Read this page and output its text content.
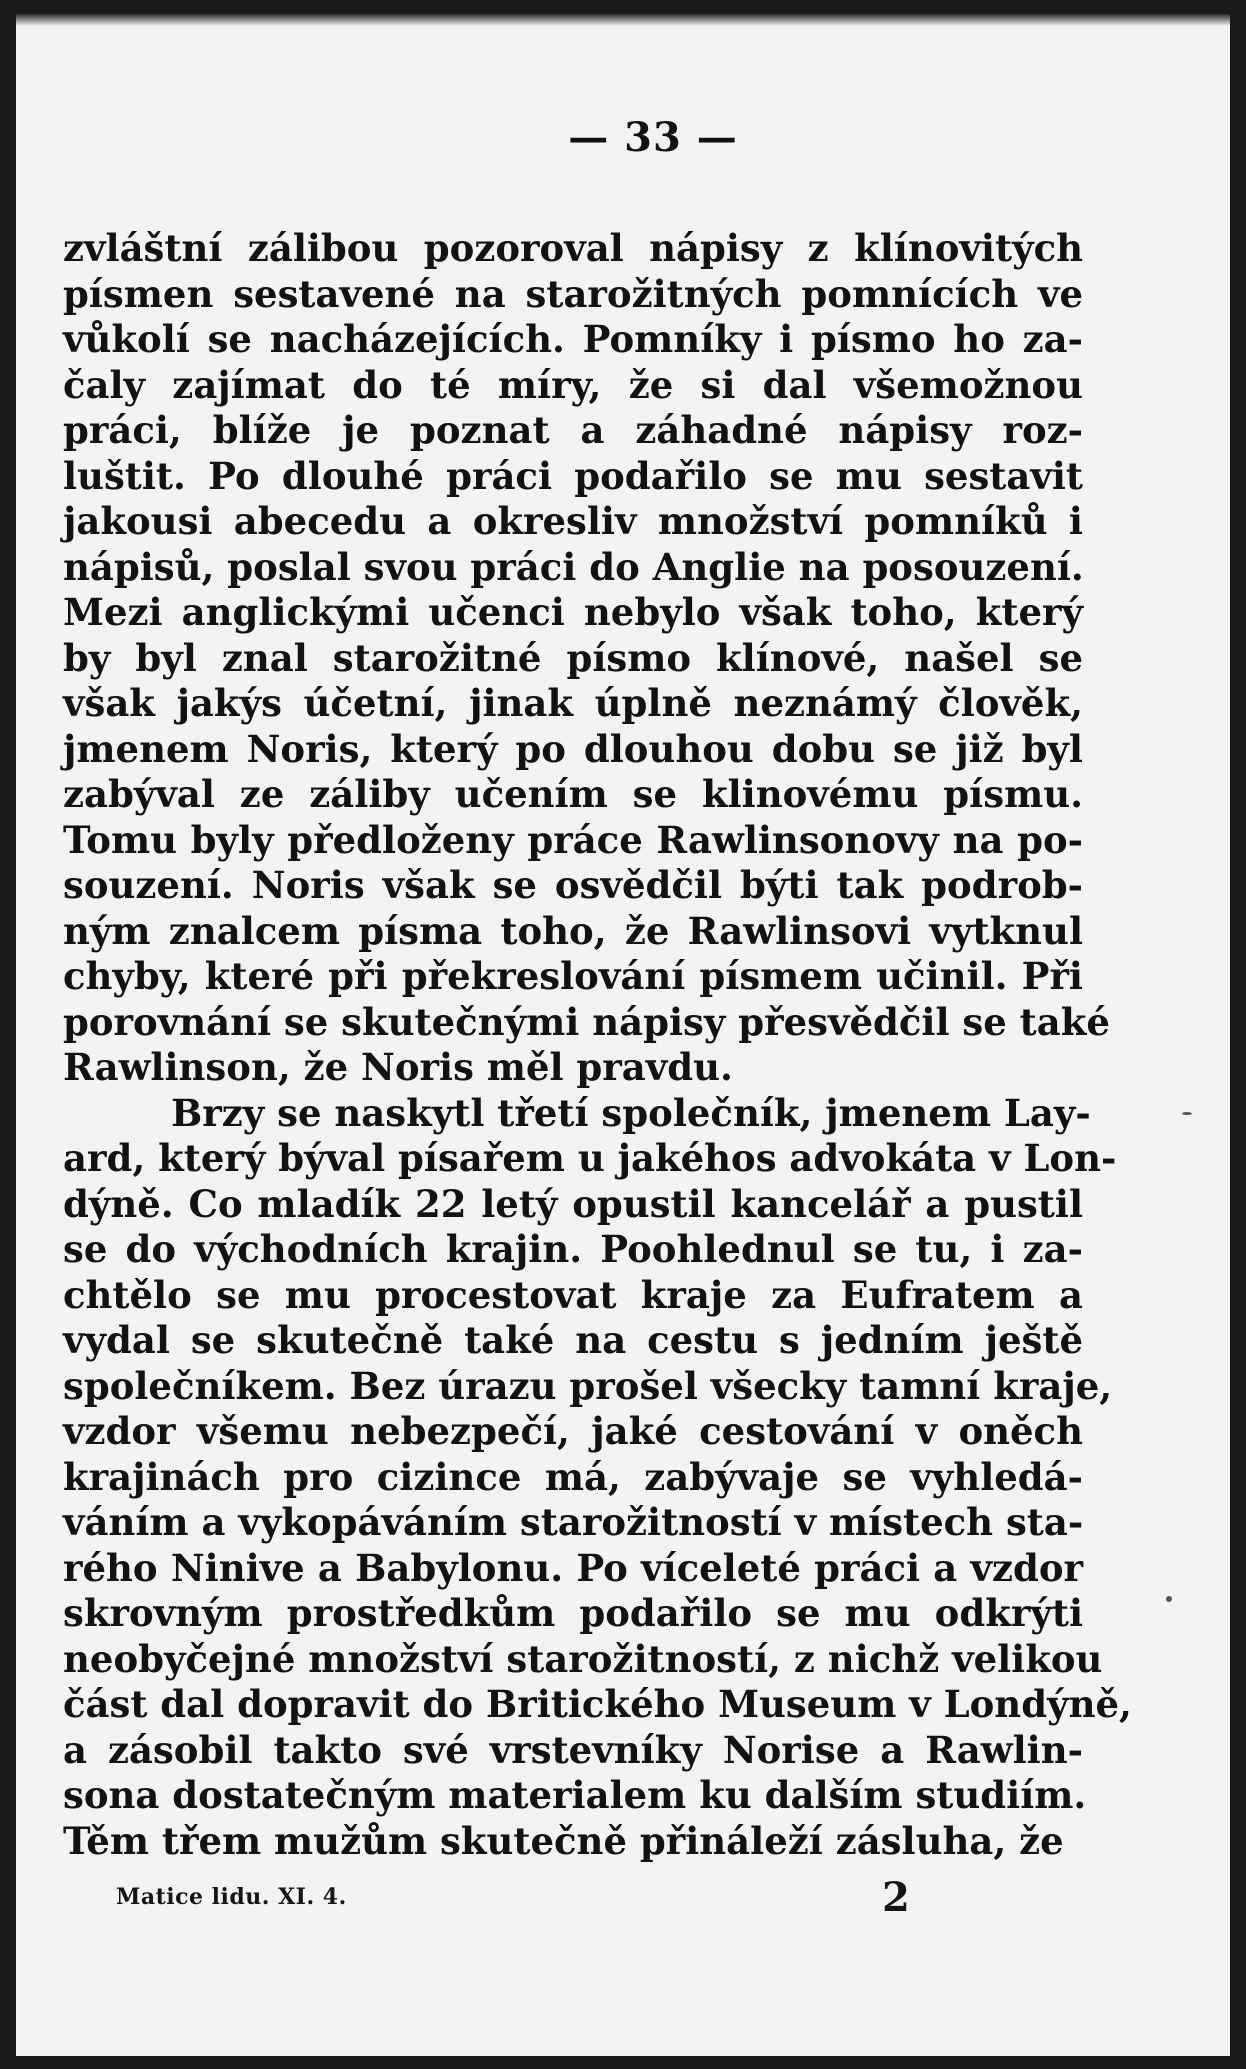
— 33 —
zvláštní zálibou pozoroval nápisy z klínovitých
písmen sestavené na starožitných pomnících ve
vůkolí se nacházejících. Pomníky i písmo ho za-
čaly zajímat do té míry, že si dal všemožnou
práci, blíže je poznat a záhadné nápisy roz-
luštit. Po dlouhé práci podařilo se mu sestavit
jakousi abecedu a okresliv množství pomníků i
nápisů, poslal svou práci do Anglie na posouzení.
Mezi anglickými učenci nebylo však toho, který
by byl znal starožitné písmo klínové, našel se
však jakýs účetní, jinak úplně neznámý člověk,
jmenem Noris, který po dlouhou dobu se již byl
zabýval ze záliby učením se klinovému písmu.
Tomu byly předloženy práce Rawlinsonovy na po-
souzení. Noris však se osvědčil býti tak podrob-
ným znalcem písma toho, že Rawlinsovi vytknul
chyby, které při překreslování písmem učinil. Při
porovnání se skutečnými nápisy přesvědčil se také
Rawlinson, že Noris měl pravdu.
Brzy se naskytl třetí společník, jmenem Lay-
ard, který býval písařem u jakéhos advokáta v Lon-
dýně. Co mladík 22 letý opustil kancelář a pustil
se do východních krajin. Poohlednul se tu, i za-
chtělo se mu procestovat kraje za Eufratem a
vydal se skutečně také na cestu s jedním ještě
společníkem. Bez úrazu prošel všecky tamní kraje,
vzdor všemu nebezpečí, jaké cestování v oněch
krajinách pro cizince má, zabývaje se vyhledá-
váním a vykopáváním starožitností v místech sta-
rého Ninive a Babylonu. Po víceleté práci a vzdor
skrovným prostředkům podařilo se mu odkrýti
neobyčejné množství starožitností, z nichž velikou
část dal dopravit do Britického Museum v Londýně,
a zásobil takto své vrstevníky Norise a Rawlin-
sona dostatečným materialem ku dalším studiím.
Těm třem mužům skutečně přináleží zásluha, že
Matice lidu. XI. 4.	2
